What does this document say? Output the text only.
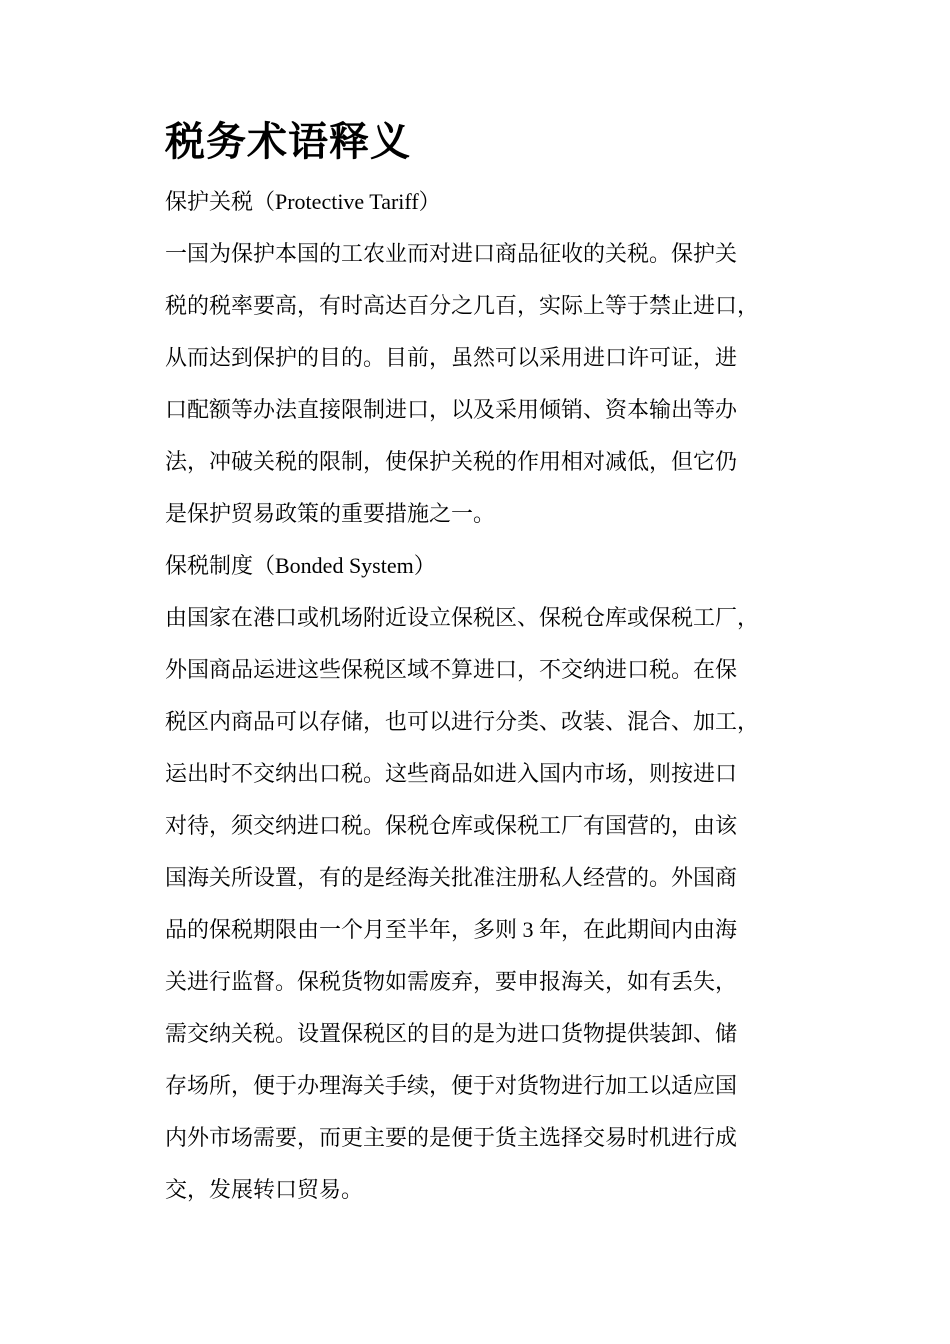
税务术语释义

保护关税（Protective Tariff）

一国为保护本国的工农业而对进口商品征收的关税。保护关
税的税率要高，有时高达百分之几百，实际上等于禁止进口，
从而达到保护的目的。目前，虽然可以采用进口许可证，进
口配额等办法直接限制进口，以及采用倾销、资本输出等办
法，冲破关税的限制，使保护关税的作用相对减低，但它仍
是保护贸易政策的重要措施之一。

保税制度（Bonded System）

由国家在港口或机场附近设立保税区、保税仓库或保税工厂，
外国商品运进这些保税区域不算进口，不交纳进口税。在保
税区内商品可以存储，也可以进行分类、改装、混合、加工，
运出时不交纳出口税。这些商品如进入国内市场，则按进口
对待，须交纳进口税。保税仓库或保税工厂有国营的，由该
国海关所设置，有的是经海关批准注册私人经营的。外国商
品的保税期限由一个月至半年，多则 3 年，在此期间内由海
关进行监督。保税货物如需废弃，要申报海关，如有丢失，
需交纳关税。设置保税区的目的是为进口货物提供装卸、储
存场所，便于办理海关手续，便于对货物进行加工以适应国
内外市场需要，而更主要的是便于货主选择交易时机进行成
交，发展转口贸易。
